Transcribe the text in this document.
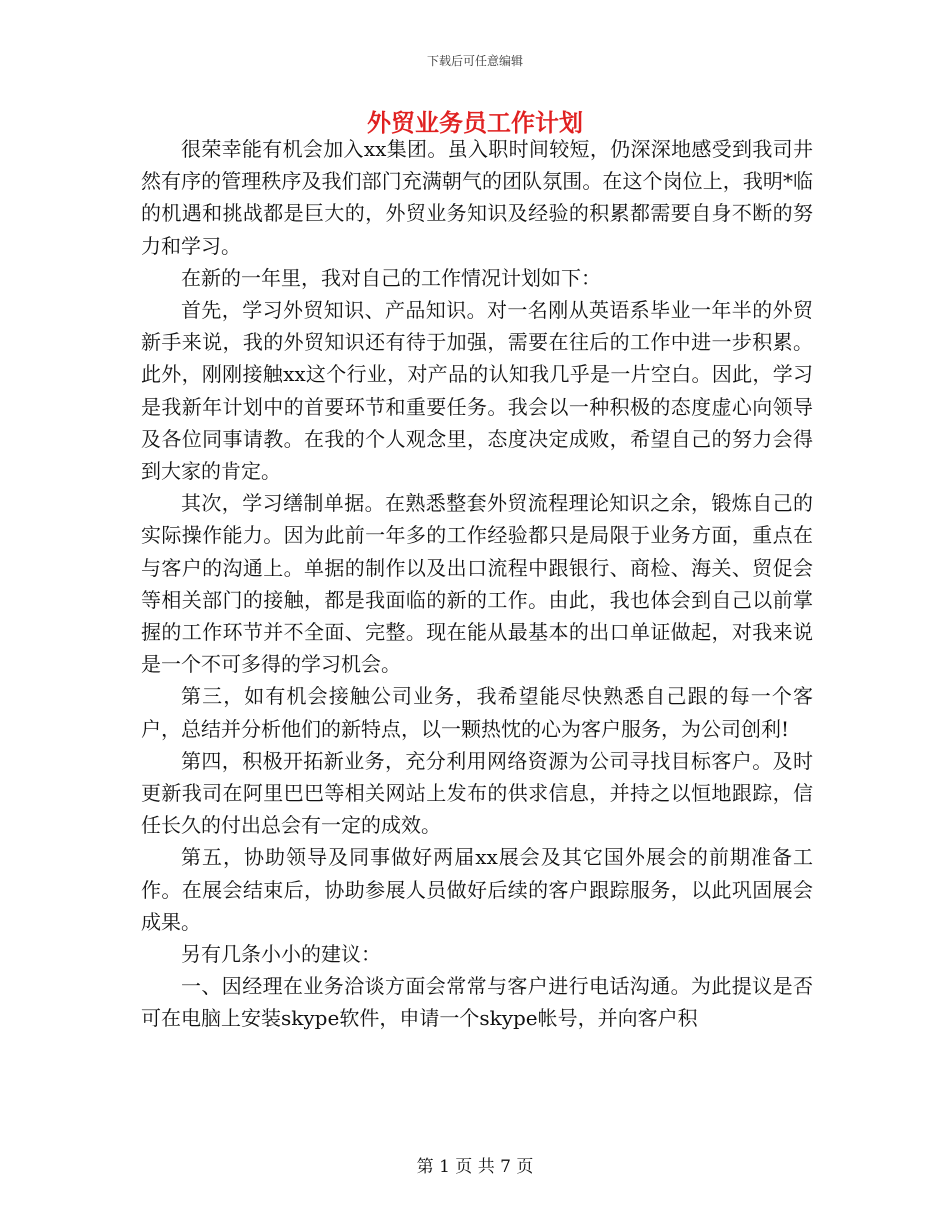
下载后可任意编辑
外贸业务员工作计划

很荣幸能有机会加入xx集团。虽入职时间较短，仍深深地感受到我司井然有序的管理秩序及我们部门充满朝气的团队氛围。在这个岗位上，我明*临的机遇和挑战都是巨大的，外贸业务知识及经验的积累都需要自身不断的努力和学习。

在新的一年里，我对自己的工作情况计划如下：

首先，学习外贸知识、产品知识。对一名刚从英语系毕业一年半的外贸新手来说，我的外贸知识还有待于加强，需要在往后的工作中进一步积累。此外，刚刚接触xx这个行业，对产品的认知我几乎是一片空白。因此，学习是我新年计划中的首要环节和重要任务。我会以一种积极的态度虚心向领导及各位同事请教。在我的个人观念里，态度决定成败，希望自己的努力会得到大家的肯定。

其次，学习缮制单据。在熟悉整套外贸流程理论知识之余，锻炼自己的实际操作能力。因为此前一年多的工作经验都只是局限于业务方面，重点在与客户的沟通上。单据的制作以及出口流程中跟银行、商检、海关、贸促会等相关部门的接触，都是我面临的新的工作。由此，我也体会到自己以前掌握的工作环节并不全面、完整。现在能从最基本的出口单证做起，对我来说是一个不可多得的学习机会。

第三，如有机会接触公司业务，我希望能尽快熟悉自己跟的每一个客户，总结并分析他们的新特点，以一颗热忱的心为客户服务，为公司创利!

第四，积极开拓新业务，充分利用网络资源为公司寻找目标客户。及时更新我司在阿里巴巴等相关网站上发布的供求信息，并持之以恒地跟踪，信任长久的付出总会有一定的成效。

第五，协助领导及同事做好两届xx展会及其它国外展会的前期准备工作。在展会结束后，协助参展人员做好后续的客户跟踪服务，以此巩固展会成果。

另有几条小小的建议：

一、因经理在业务洽谈方面会常常与客户进行电话沟通。为此提议是否可在电脑上安装skype软件，申请一个skype帐号，并向客户积

第 1 页 共 7 页
